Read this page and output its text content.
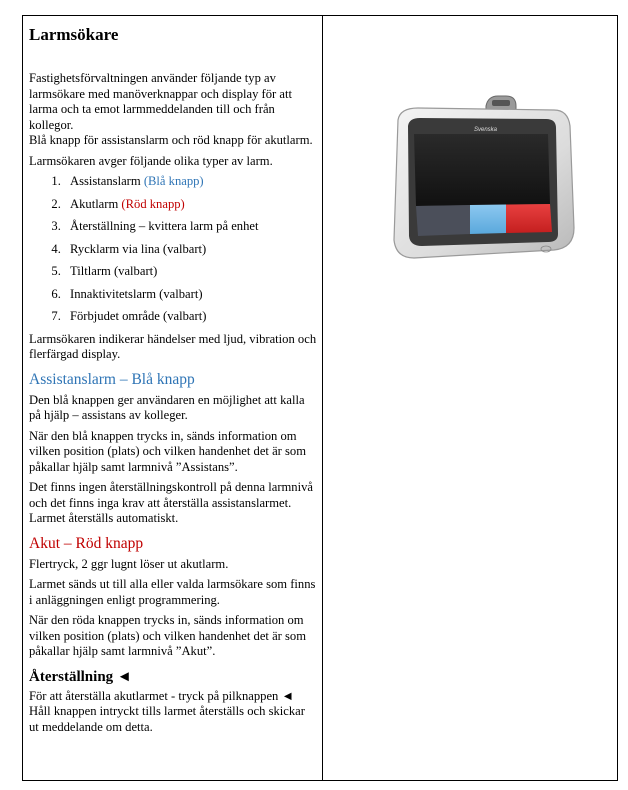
Larmsökare

Fastighetsförvaltningen använder följande typ av larmsökare med manöverknappar och display för att larma och ta emot larmmeddelanden till och från kollegor.
Blå knapp för assistanslarm och röd knapp för akutlarm.

Larmsökaren avger följande olika typer av larm.

1. Assistanslarm (Blå knapp)
2. Akutlarm (Röd knapp)
3. Återställning – kvittera larm på enhet
4. Rycklarm via lina (valbart)
5. Tiltlarm (valbart)
6. Innaktivitetslarm (valbart)
7. Förbjudet område (valbart)

Larmsökaren indikerar händelser med ljud, vibration och flerfärgad display.

Assistanslarm – Blå knapp

Den blå knappen ger användaren en möjlighet att kalla på hjälp – assistans av kolleger.

När den blå knappen trycks in, sänds information om vilken position (plats) och vilken handenhet det är som påkallar hjälp samt larmnivå ”Assistans”.

Det finns ingen återställningskontroll på denna larmnivå och det finns inga krav att återställa assistanslarmet. Larmet återställs automatiskt.

Akut – Röd knapp

Flertryck, 2 ggr lugnt löser ut akutlarm.

Larmet sänds ut till alla eller valda larmsökare som finns i anläggningen enligt programmering.

När den röda knappen trycks in, sänds information om vilken position (plats) och vilken handenhet det är som påkallar hjälp samt larmnivå ”Akut”.

Återställning ◄

För att återställa akutlarmet - tryck på pilknappen ◄ Håll knappen intryckt tills larmet återställs och skickar ut meddelande om detta.

Svenska
